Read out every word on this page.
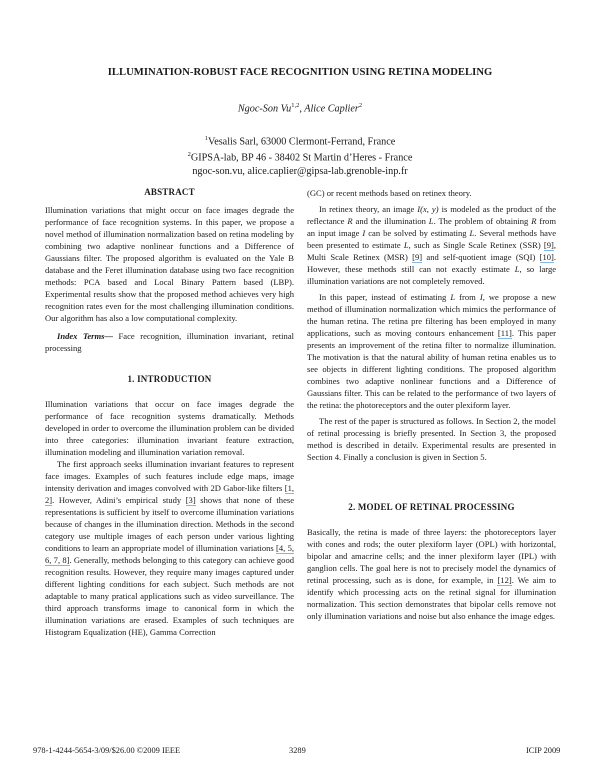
ILLUMINATION-ROBUST FACE RECOGNITION USING RETINA MODELING
Ngoc-Son Vu$^{1,2}$, Alice Caplier$^2$
$^1$Vesalis Sarl, 63000 Clermont-Ferrand, France
$^2$GIPSA-lab, BP 46 - 38402 St Martin d’Heres - France
ngoc-son.vu, alice.caplier@gipsa-lab.grenoble-inp.fr
ABSTRACT

Illumination variations that might occur on face images degrade the performance of face recognition systems. In this paper, we propose a novel method of illumination normalization based on retina modeling by combining two adaptive nonlinear functions and a Difference of Gaussians filter. The proposed algorithm is evaluated on the Yale B database and the Feret illumination database using two face recognition methods: PCA based and Local Binary Pattern based (LBP). Experimental results show that the proposed method achieves very high recognition rates even for the most challenging illumination conditions. Our algorithm has also a low computational complexity.

Index Terms— Face recognition, illumination invariant, retinal processing

1. INTRODUCTION

Illumination variations that occur on face images degrade the performance of face recognition systems dramatically. Methods developed in order to overcome the illumination problem can be divided into three categories: illumination invariant feature extraction, illumination modeling and illumination variation removal.

The first approach seeks illumination invariant features to represent face images. Examples of such features include edge maps, image intensity derivation and images convolved with 2D Gabor-like filters [1, 2]. However, Adini’s empirical study [3] shows that none of these representations is sufficient by itself to overcome illumination variations because of changes in the illumination direction. Methods in the second category use multiple images of each person under various lighting conditions to learn an appropriate model of illumination variations [4, 5, 6, 7, 8]. Generally, methods belonging to this category can achieve good recognition results. However, they require many images captured under different lighting conditions for each subject. Such methods are not adaptable to many pratical applications such as video surveillance. The third approach transforms image to canonical form in which the illumination variations are erased. Examples of such techniques are Histogram Equalization (HE), Gamma Correction

(GC) or recent methods based on retinex theory.

In retinex theory, an image I(x, y) is modeled as the product of the reflectance R and the illumination L. The problem of obtaining R from an input image I can be solved by estimating L. Several methods have been presented to estimate L, such as Single Scale Retinex (SSR) [9], Multi Scale Retinex (MSR) [9] and self-quotient image (SQI) [10]. However, these methods still can not exactly estimate L, so large illumination variations are not completely removed.

In this paper, instead of estimating L from I, we propose a new method of illumination normalization which mimics the performance of the human retina. The retina pre filtering has been employed in many applications, such as moving contours enhancement [11]. This paper presents an improvement of the retina filter to normalize illumination. The motivation is that the natural ability of human retina enables us to see objects in different lighting conditions. The proposed algorithm combines two adaptive nonlinear functions and a Difference of Gaussians filter. This can be related to the performance of two layers of the retina: the photoreceptors and the outer plexiform layer.

The rest of the paper is structured as follows. In Section 2, the model of retinal processing is briefly presented. In Section 3, the proposed method is described in detailv. Experimental results are presented in Section 4. Finally a conclusion is given in Section 5.

2. MODEL OF RETINAL PROCESSING

Basically, the retina is made of three layers: the photoreceptors layer with cones and rods; the outer plexiform layer (OPL) with horizontal, bipolar and amacrine cells; and the inner plexiform layer (IPL) with ganglion cells. The goal here is not to precisely model the dynamics of retinal processing, such as is done, for example, in [12]. We aim to identify which processing acts on the retinal signal for illumination normalization. This section demonstrates that bipolar cells remove not only illumination variations and noise but also enhance the image edges.

978-1-4244-5654-3/09/$26.00 ©2009 IEEE	3289	ICIP 2009
